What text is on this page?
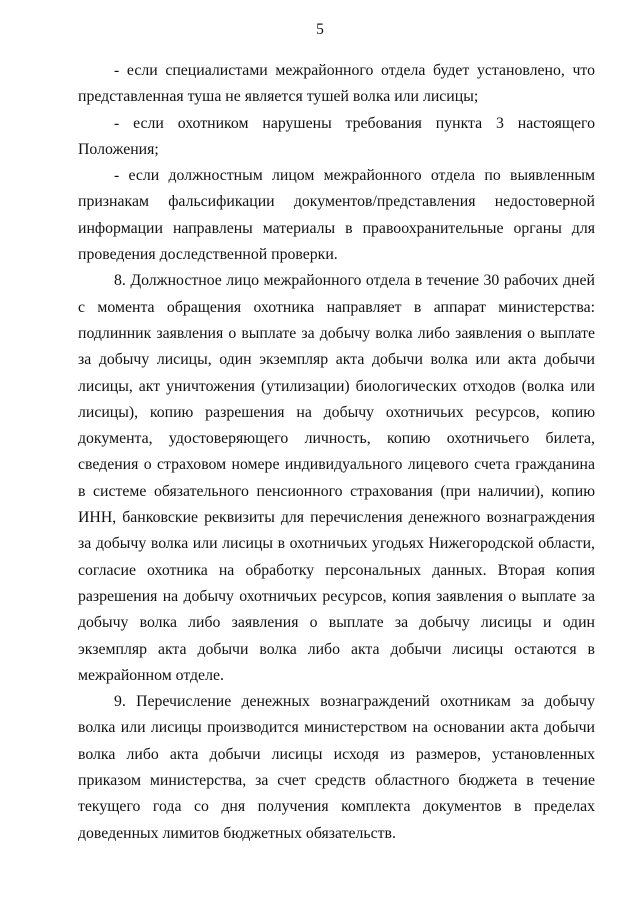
5

- если специалистами межрайонного отдела будет установлено, что представленная туша не является тушей волка или лисицы;

- если охотником нарушены требования пункта 3 настоящего Положения;

- если должностным лицом межрайонного отдела по выявленным признакам фальсификации документов/представления недостоверной информации направлены материалы в правоохранительные органы для проведения доследственной проверки.

8. Должностное лицо межрайонного отдела в течение 30 рабочих дней с момента обращения охотника направляет в аппарат министерства: подлинник заявления о выплате за добычу волка либо заявления о выплате за добычу лисицы, один экземпляр акта добычи волка или акта добычи лисицы, акт уничтожения (утилизации) биологических отходов (волка или лисицы), копию разрешения на добычу охотничьих ресурсов, копию документа, удостоверяющего личность, копию охотничьего билета, сведения о страховом номере индивидуального лицевого счета гражданина в системе обязательного пенсионного страхования (при наличии), копию ИНН, банковские реквизиты для перечисления денежного вознаграждения за добычу волка или лисицы в охотничьих угодьях Нижегородской области, согласие охотника на обработку персональных данных. Вторая копия разрешения на добычу охотничьих ресурсов, копия заявления о выплате за добычу волка либо заявления о выплате за добычу лисицы и один экземпляр акта добычи волка либо акта добычи лисицы остаются в межрайонном отделе.

9. Перечисление денежных вознаграждений охотникам за добычу волка или лисицы производится министерством на основании акта добычи волка либо акта добычи лисицы исходя из размеров, установленных приказом министерства, за счет средств областного бюджета в течение текущего года со дня получения комплекта документов в пределах доведенных лимитов бюджетных обязательств.
